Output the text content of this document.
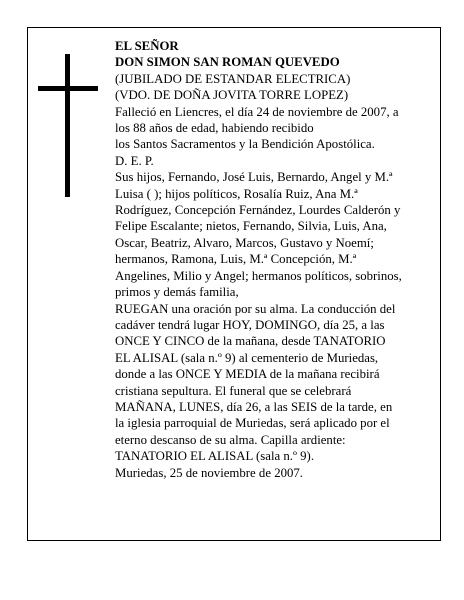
EL SEÑOR
DON SIMON SAN ROMAN QUEVEDO
(JUBILADO DE ESTANDAR ELECTRICA)
(VDO. DE DOÑA JOVITA TORRE LOPEZ)
Falleció en Liencres, el día 24 de noviembre de 2007, a
los 88 años de edad, habiendo recibido
los Santos Sacramentos y la Bendición Apostólica.
D. E. P.
Sus hijos, Fernando, José Luis, Bernardo, Angel y M.ª
Luisa ( ); hijos políticos, Rosalía Ruiz, Ana M.ª
Rodríguez, Concepción Fernández, Lourdes Calderón y
Felipe Escalante; nietos, Fernando, Silvia, Luis, Ana,
Oscar, Beatriz, Alvaro, Marcos, Gustavo y Noemí;
hermanos, Ramona, Luis, M.ª Concepción, M.ª
Angelines, Milio y Angel; hermanos políticos, sobrinos,
primos y demás familia,
RUEGAN una oración por su alma. La conducción del
cadáver tendrá lugar HOY, DOMINGO, día 25, a las
ONCE Y CINCO de la mañana, desde TANATORIO
EL ALISAL (sala n.º 9) al cementerio de Muriedas,
donde a las ONCE Y MEDIA de la mañana recibirá
cristiana sepultura. El funeral que se celebrará
MAÑANA, LUNES, día 26, a las SEIS de la tarde, en
la iglesia parroquial de Muriedas, será aplicado por el
eterno descanso de su alma. Capilla ardiente:
TANATORIO EL ALISAL (sala n.º 9).
Muriedas, 25 de noviembre de 2007.
